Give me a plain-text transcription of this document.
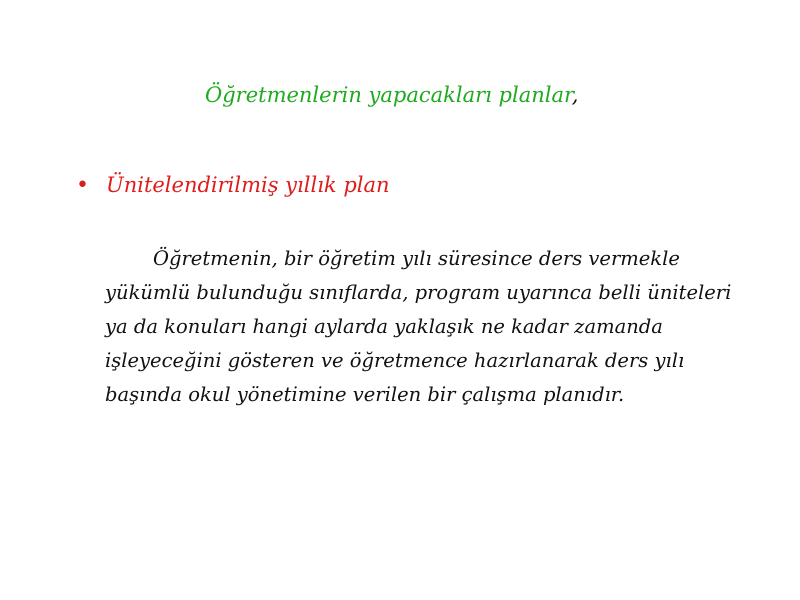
Öğretmenlerin yapacakları planlar,
• Ünitelendirilmiş yıllık plan

Öğretmenin, bir öğretim yılı süresince ders vermekle yükümlü bulunduğu sınıflarda, program uyarınca belli üniteleri ya da konuları hangi aylarda yaklaşık ne kadar zamanda işleyeceğini gösteren ve öğretmence hazırlanarak ders yılı başında okul yönetimine verilen bir çalışma planıdır.
